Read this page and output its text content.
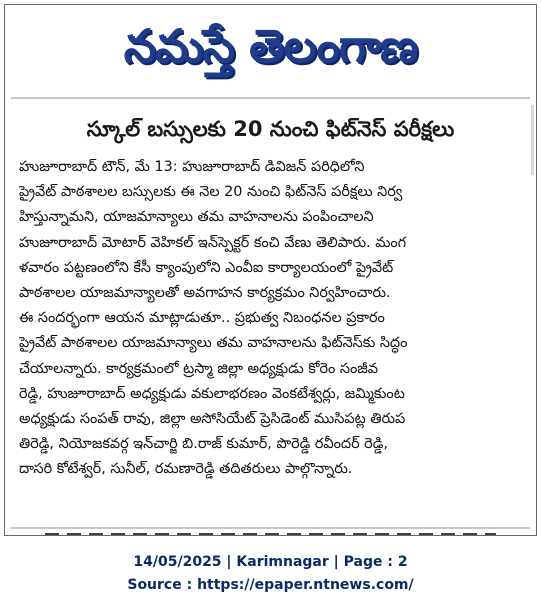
నమస్తే తెలంగాణ
స్కూల్ బస్సులకు 20 నుంచి ఫిట్‌నెస్ పరీక్షలు
హుజూరాబాద్ టౌన్, మే 13: హుజూరాబాద్ డివిజన్ పరిధిలోని
ప్రైవేట్ పాఠశాలల బస్సులకు ఈ నెల 20 నుంచి ఫిట్‌నెస్ పరీక్షలు నిర్వ
హిస్తున్నామని, యాజమాన్యాలు తమ వాహనాలను పంపించాలని
హుజూరాబాద్ మోటార్ వెహికల్ ఇన్‌స్పెక్టర్ కంచి వేణు తెలిపారు. మంగ
ళవారం పట్టణంలోని కేసీ క్యాంపులోని ఎంవీఐ కార్యాలయంలో ప్రైవేట్
పాఠశాలల యాజమాన్యాలతో అవగాహన కార్యక్రమం నిర్వహించారు.
ఈ సందర్భంగా ఆయన మాట్లాడుతూ.. ప్రభుత్వ నిబంధనల ప్రకారం
ప్రైవేట్ పాఠశాలల యాజమాన్యాలు తమ వాహనాలను ఫిట్‌నెస్‌కు సిద్ధం
చేయాలన్నారు. కార్యక్రమంలో ట్రస్మా జిల్లా అధ్యక్షుడు కోరెం సంజీవ
రెడ్డి, హుజూరాబాద్ అధ్యక్షుడు వకులాభరణం వెంకటేశ్వర్లు, జమ్మికుంట
అధ్యక్షుడు సంపత్ రావు, జిల్లా అసోసియేట్ ప్రెసిడెంట్ ముసిపట్ల తిరుప
తిరెడ్డి, నియోజకవర్గ ఇన్‌చార్జి బి.రాజ్ కుమార్, పొరెడ్డి రవీందర్ రెడ్డి,
దాసరి కోటేశ్వర్, సునీల్, రమణారెడ్డి తదితరులు పాల్గొన్నారు.
14/05/2025 | Karimnagar | Page : 2
Source : https://epaper.ntnews.com/
